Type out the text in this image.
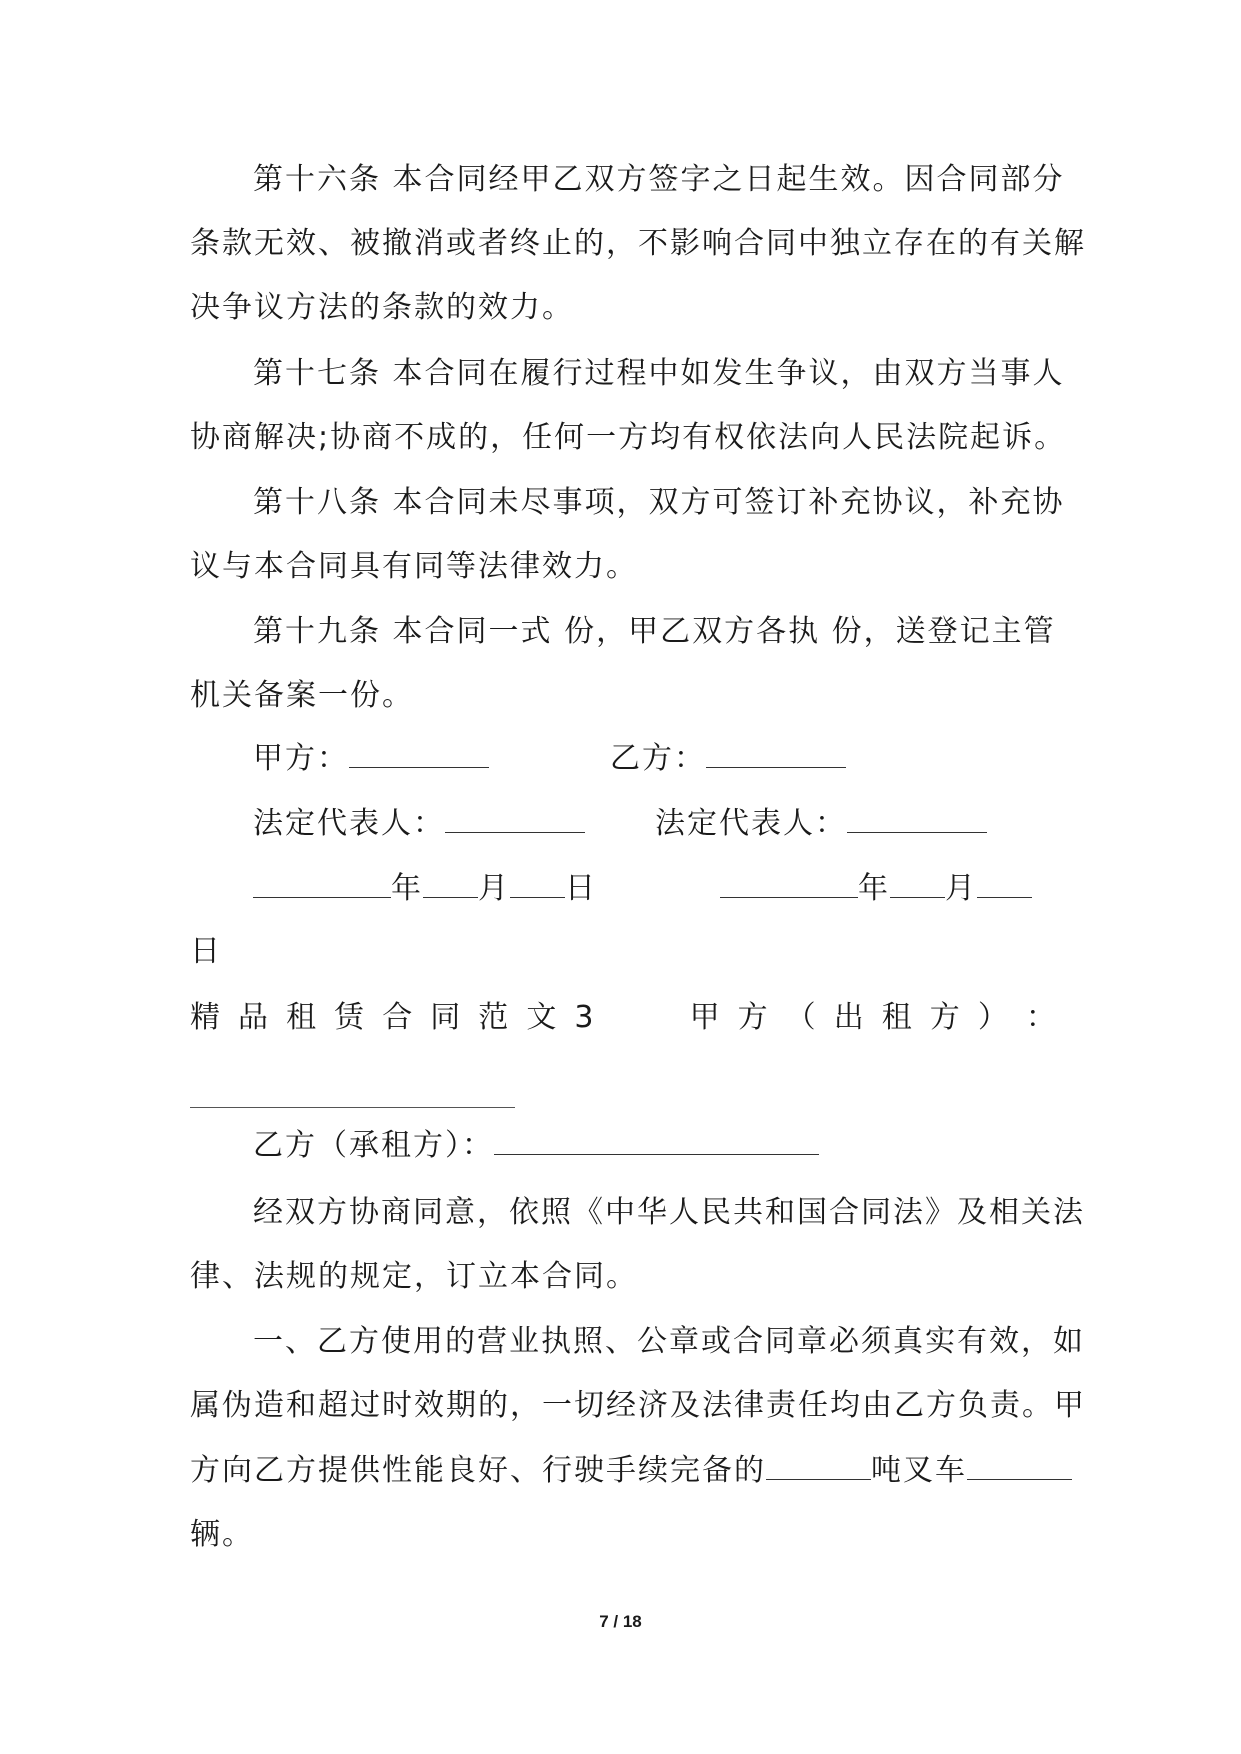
第十六条 本合同经甲乙双方签字之日起生效。因合同部分
条款无效、被撤消或者终止的，不影响合同中独立存在的有关解
决争议方法的条款的效力。
第十七条 本合同在履行过程中如发生争议，由双方当事人
协商解决;协商不成的，任何一方均有权依法向人民法院起诉。
第十八条 本合同未尽事项，双方可签订补充协议，补充协
议与本合同具有同等法律效力。
第十九条 本合同一式 份，甲乙双方各执 份，送登记主管
机关备案一份。
甲方：	乙方：
法定代表人：	法定代表人：
年 月 日	年 月
日
精 品 租 赁 合 同 范 文 3	甲 方 （ 出 租 方 ） ：
乙方（承租方）：
经双方协商同意，依照《中华人民共和国合同法》及相关法
律、法规的规定，订立本合同。
一、乙方使用的营业执照、公章或合同章必须真实有效，如
属伪造和超过时效期的，一切经济及法律责任均由乙方负责。甲
方向乙方提供性能良好、行驶手续完备的	吨叉车
辆。
7 / 18
